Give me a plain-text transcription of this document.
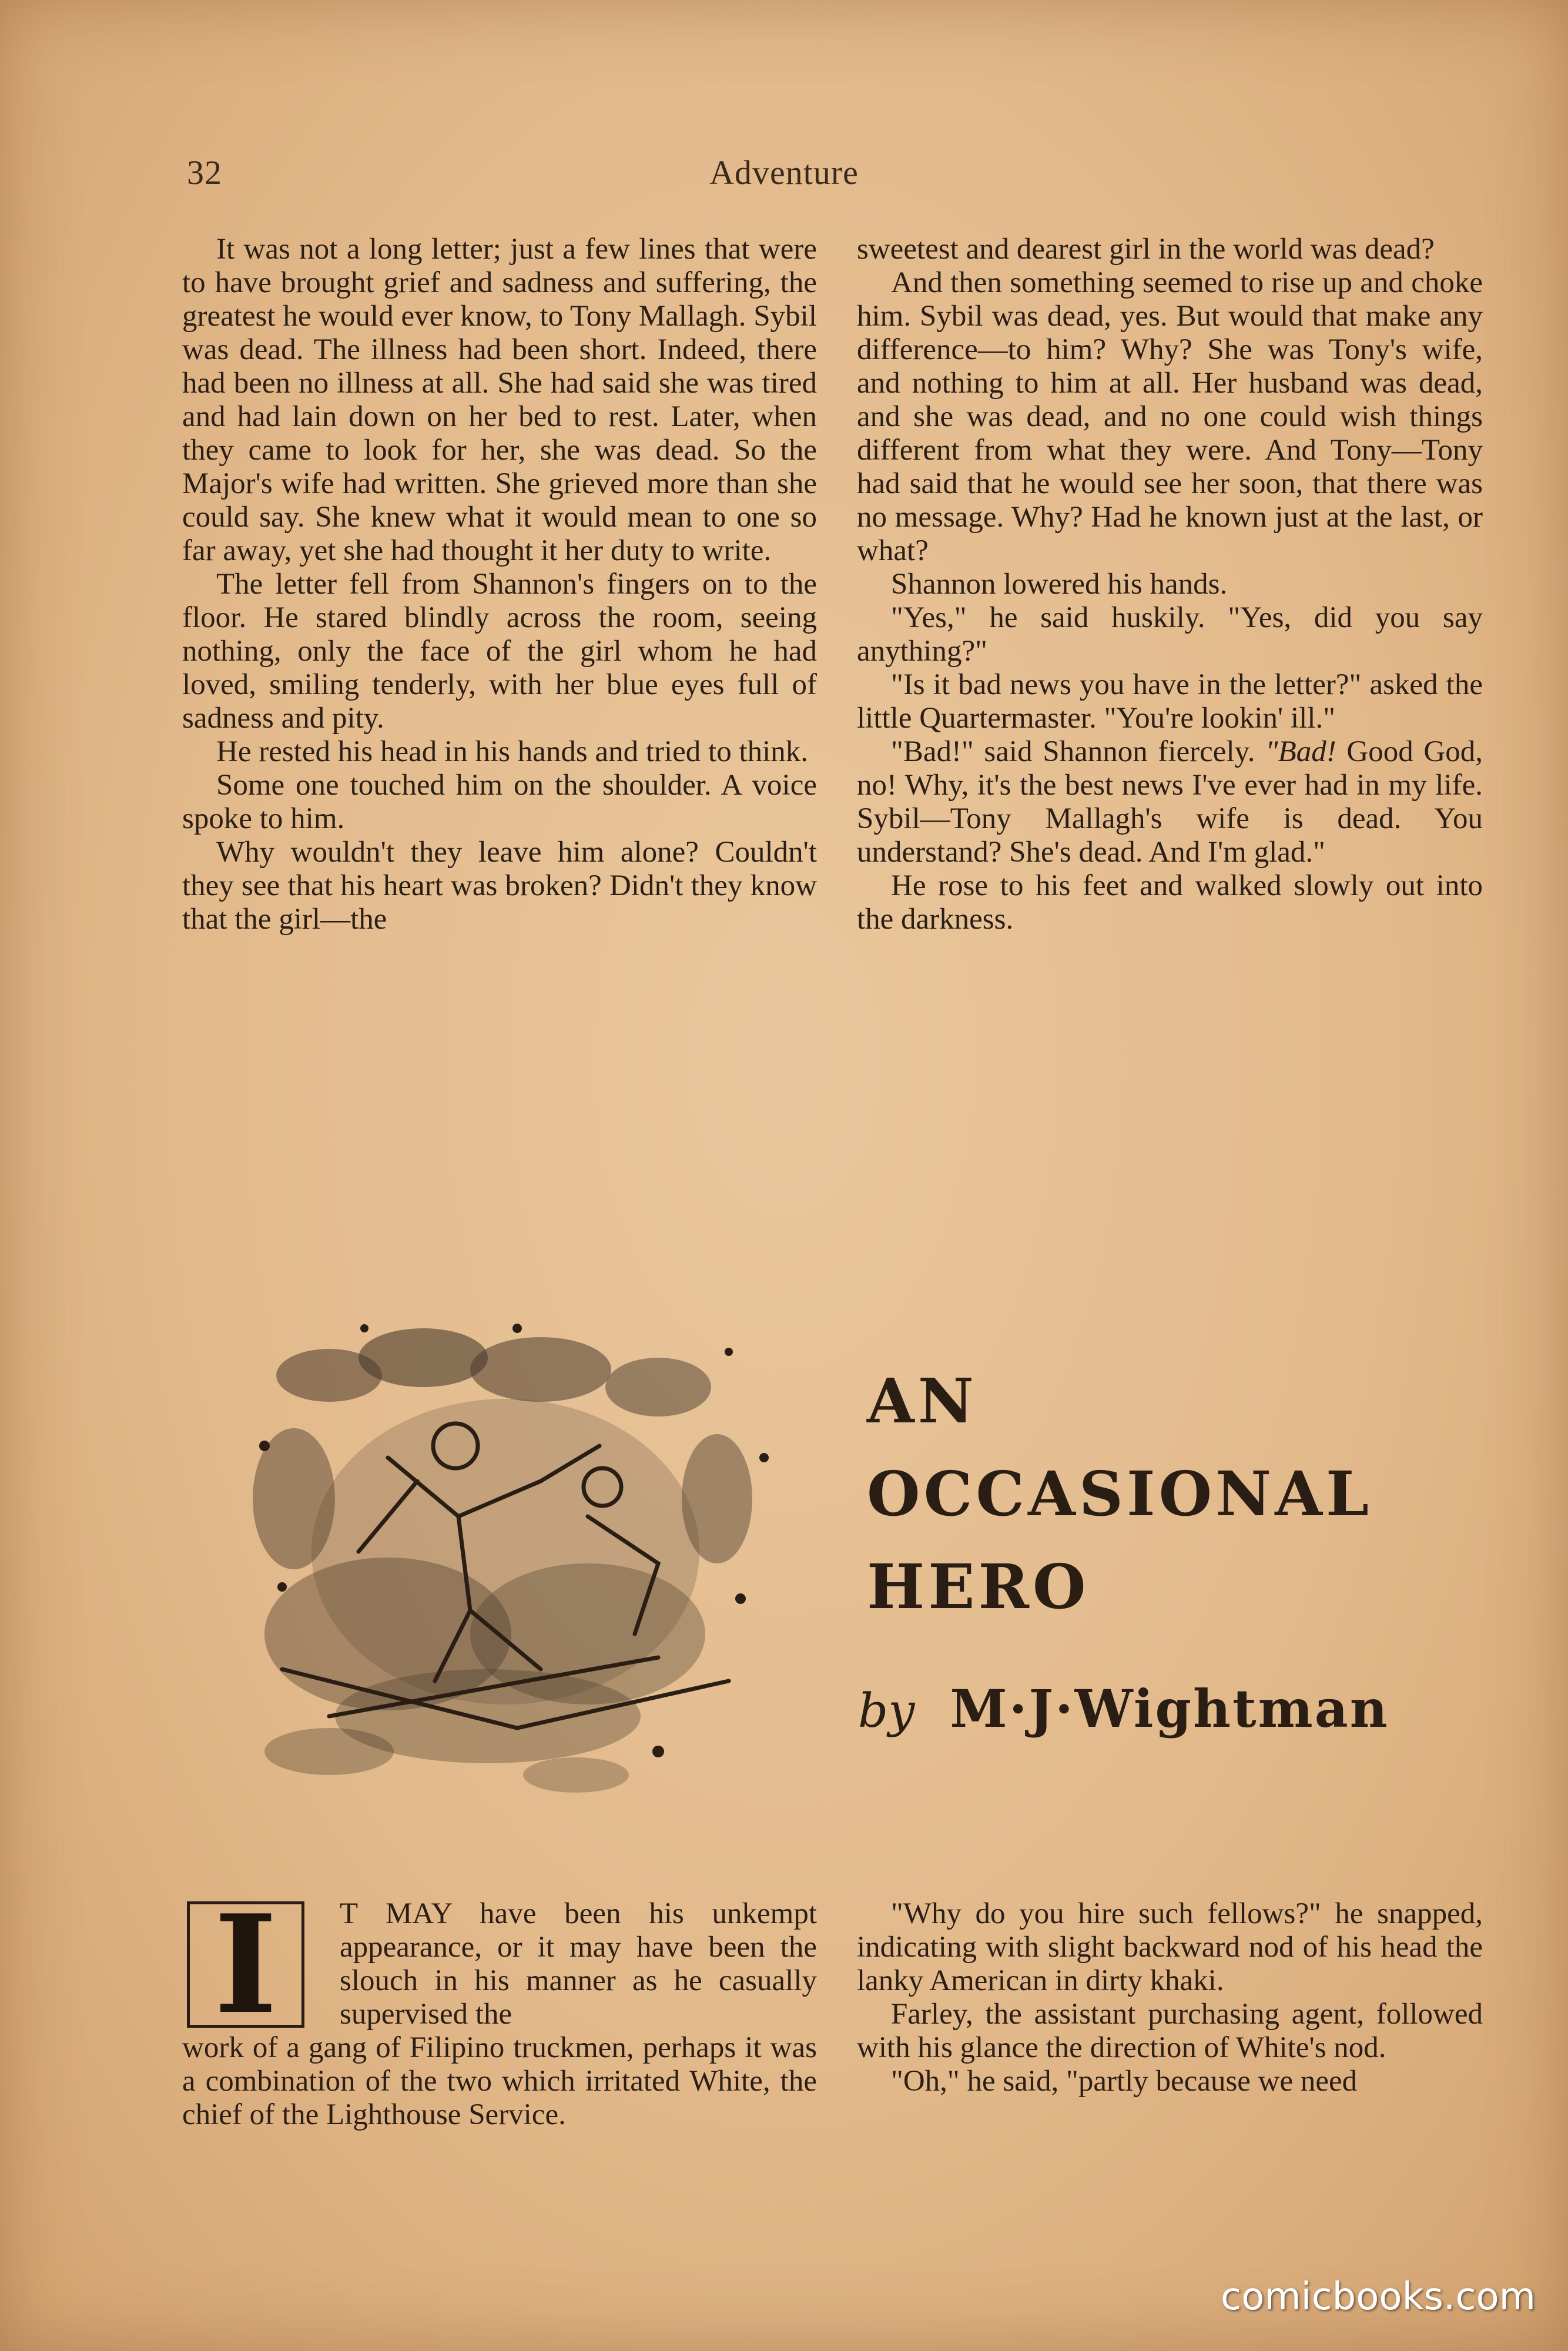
32	Adventure

It was not a long letter; just a few lines that were to have brought grief and sadness and suffering, the greatest he would ever know, to Tony Mallagh. Sybil was dead. The illness had been short. Indeed, there had been no illness at all. She had said she was tired and had lain down on her bed to rest. Later, when they came to look for her, she was dead. So the Major's wife had written. She grieved more than she could say. She knew what it would mean to one so far away, yet she had thought it her duty to write.

The letter fell from Shannon's fingers on to the floor. He stared blindly across the room, seeing nothing, only the face of the girl whom he had loved, smiling tenderly, with her blue eyes full of sadness and pity.

He rested his head in his hands and tried to think.

Some one touched him on the shoulder. A voice spoke to him.

Why wouldn't they leave him alone? Couldn't they see that his heart was broken? Didn't they know that the girl—the

sweetest and dearest girl in the world was dead?

And then something seemed to rise up and choke him. Sybil was dead, yes. But would that make any difference—to him? Why? She was Tony's wife, and nothing to him at all. Her husband was dead, and she was dead, and no one could wish things different from what they were. And Tony—Tony had said that he would see her soon, that there was no message. Why? Had he known just at the last, or what?

Shannon lowered his hands.

"Yes," he said huskily. "Yes, did you say anything?"

"Is it bad news you have in the letter?" asked the little Quartermaster. "You're lookin' ill."

"Bad!" said Shannon fiercely. "Bad! Good God, no! Why, it's the best news I've ever had in my life. Sybil—Tony Mallagh's wife is dead. You understand? She's dead. And I'm glad."

He rose to his feet and walked slowly out into the darkness.

AN
OCCASIONAL
HERO
by M·J·Wightman
I T MAY have been his unkempt appearance, or it may have been the slouch in his manner as he casually supervised the

work of a gang of Filipino truckmen, perhaps it was a combination of the two which irritated White, the chief of the Lighthouse Service.

"Why do you hire such fellows?" he snapped, indicating with slight backward nod of his head the lanky American in dirty khaki.

Farley, the assistant purchasing agent, followed with his glance the direction of White's nod.

"Oh," he said, "partly because we need

comicbooks.com
